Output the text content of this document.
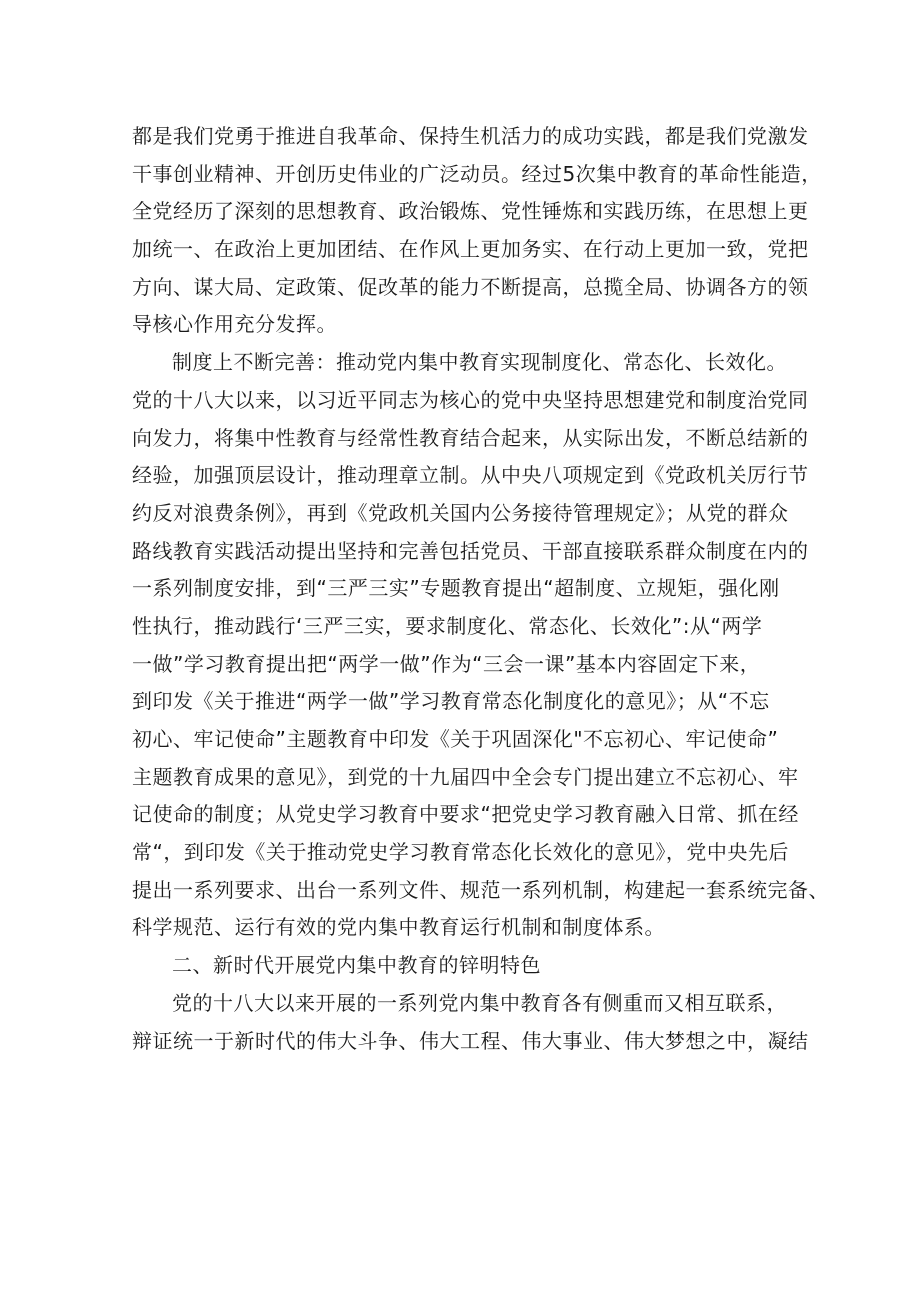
都是我们党勇于推进自我革命、保持生机活力的成功实践，都是我们党激发
干事创业精神、开创历史伟业的广泛动员。经过5次集中教育的革命性能造，
全党经历了深刻的思想教育、政治锻炼、党性锤炼和实践历练，在思想上更
加统一、在政治上更加团结、在作风上更加务实、在行动上更加一致，党把
方向、谋大局、定政策、促改革的能力不断提高，总揽全局、协调各方的领
导核心作用充分发挥。
制度上不断完善：推动党内集中教育实现制度化、常态化、长效化。
党的十八大以来，以习近平同志为核心的党中央坚持思想建党和制度治党同
向发力，将集中性教育与经常性教育结合起来，从实际出发，不断总结新的
经验，加强顶层设计，推动理章立制。从中央八项规定到《党政机关厉行节
约反对浪费条例》，再到《党政机关国内公务接待管理规定》；从党的群众
路线教育实践活动提出坚持和完善包括党员、干部直接联系群众制度在内的
一系列制度安排，到“三严三实”专题教育提出“超制度、立规矩，强化刚
性执行，推动践行‘三严三实，要求制度化、常态化、长效化”:从“两学
一做”学习教育提出把“两学一做”作为“三会一课”基本内容固定下来，
到印发《关于推进“两学一做”学习教育常态化制度化的意见》；从“不忘
初心、牢记使命”主题教育中印发《关于巩固深化"不忘初心、牢记使命”
主题教育成果的意见》，到党的十九届四中全会专门提出建立不忘初心、牢
记使命的制度；从党史学习教育中要求“把党史学习教育融入日常、抓在经
常“，到印发《关于推动党史学习教育常态化长效化的意见》，党中央先后
提出一系列要求、出台一系列文件、规范一系列机制，构建起一套系统完备、
科学规范、运行有效的党内集中教育运行机制和制度体系。
二、新时代开展党内集中教育的锌明特色
党的十八大以来开展的一系列党内集中教育各有侧重而又相互联系，
辩证统一于新时代的伟大斗争、伟大工程、伟大事业、伟大梦想之中，凝结
